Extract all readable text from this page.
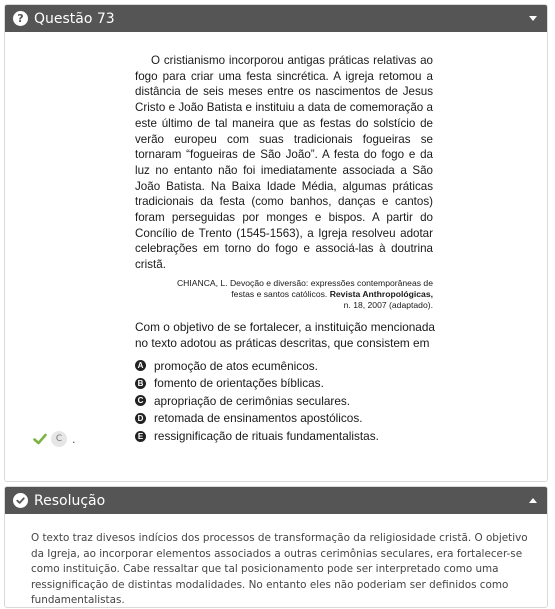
? Questão 73

O cristianismo incorporou antigas práticas relativas ao fogo para criar uma festa sincrética. A igreja retomou a distância de seis meses entre os nascimentos de Jesus Cristo e João Batista e instituiu a data de comemoração a este último de tal maneira que as festas do solstício de verão europeu com suas tradicionais fogueiras se tornaram “fogueiras de São João”. A festa do fogo e da luz no entanto não foi imediatamente associada a São João Batista. Na Baixa Idade Média, algumas práticas tradicionais da festa (como banhos, danças e cantos) foram perseguidas por monges e bispos. A partir do Concílio de Trento (1545-1563), a Igreja resolveu adotar celebrações em torno do fogo e associá-las à doutrina cristã.

CHIANCA, L. Devoção e diversão: expressões contemporâneas de
festas e santos católicos. Revista Anthropológicas,
n. 18, 2007 (adaptado).

Com o objetivo de se fortalecer, a instituição mencionada no texto adotou as práticas descritas, que consistem em

A promoção de atos ecumênicos.
B fomento de orientações bíblicas.
C apropriação de cerimônias seculares.
D retomada de ensinamentos apostólicos.
E ressignificação de rituais fundamentalistas.
C .
Resolução
O texto traz divesos indícios dos processos de transformação da religiosidade cristã. O objetivo da Igreja, ao incorporar elementos associados a outras cerimônias seculares, era fortalecer-se como instituição. Cabe ressaltar que tal posicionamento pode ser interpretado como uma ressignificação de distintas modalidades. No entanto eles não poderiam ser definidos como fundamentalistas.
